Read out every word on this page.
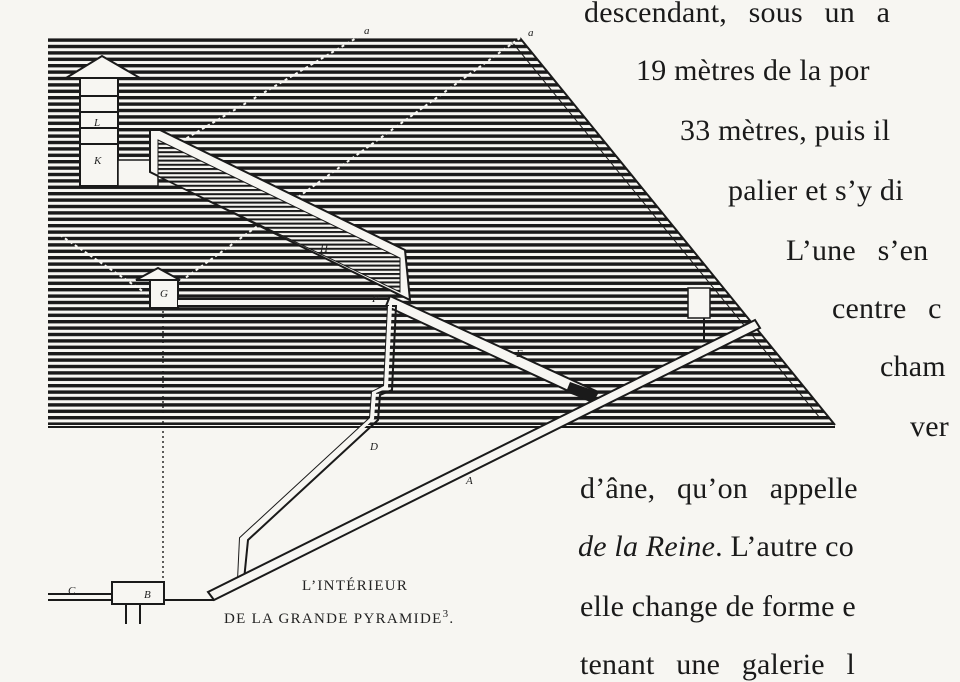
a	a
K
L
G
H
F
E
D
A
B
C	L’INTÉRIEUR
DE LA GRANDE PYRAMIDE$^3$.
descendant, sous un a
19 mètres de la por
33 mètres, puis il
palier et s’y di
L’une s’en
centre c
cham
ver
d’âne, qu’on appelle
de la Reine. L’autre co
elle change de forme e
tenant une galerie l
